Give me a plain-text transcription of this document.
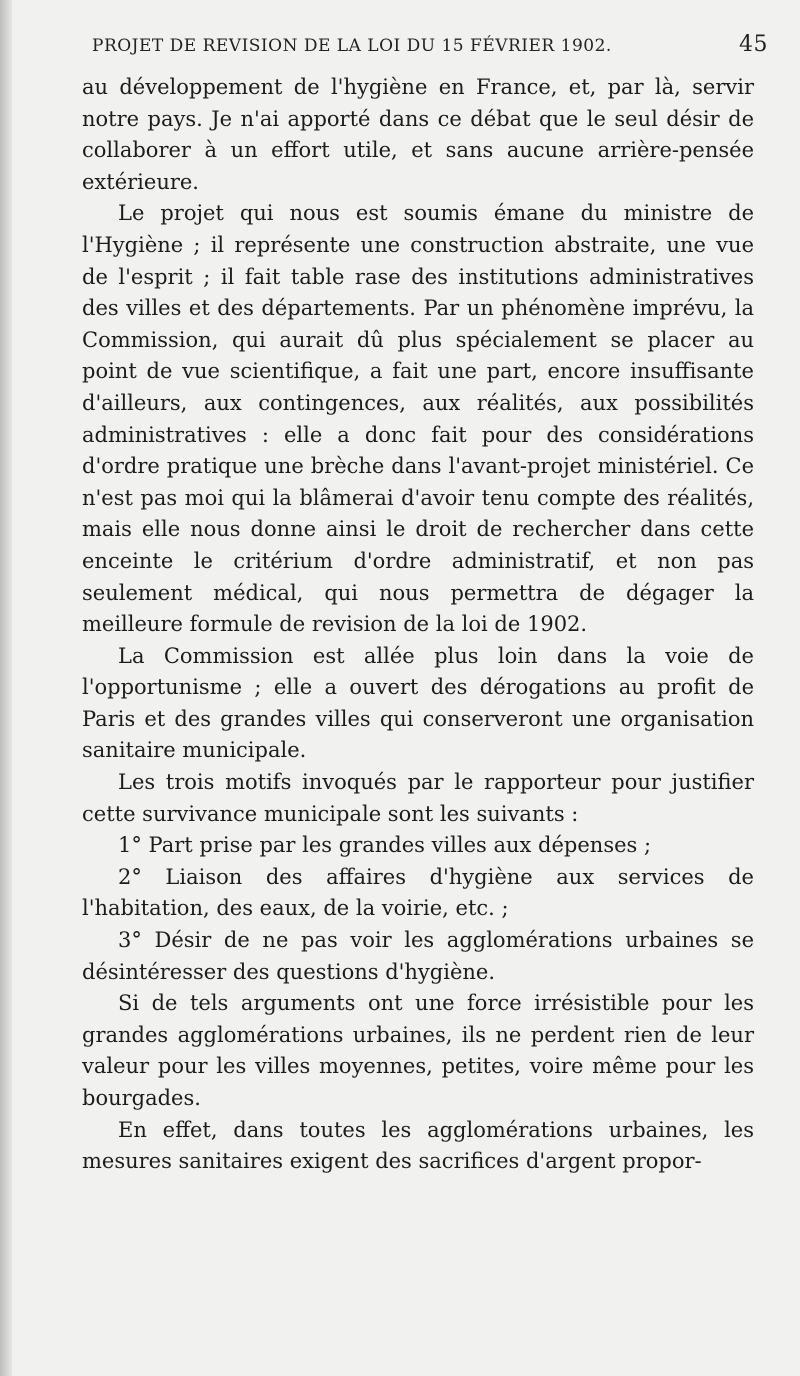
PROJET DE REVISION DE LA LOI DU 15 FÉVRIER 1902.	45

au développement de l'hygiène en France, et, par là, servir notre pays. Je n'ai apporté dans ce débat que le seul désir de collaborer à un effort utile, et sans aucune arrière-pensée extérieure.

Le projet qui nous est soumis émane du ministre de l'Hygiène ; il représente une construction abstraite, une vue de l'esprit ; il fait table rase des institutions administratives des villes et des départements. Par un phénomène imprévu, la Commission, qui aurait dû plus spécialement se placer au point de vue scientifique, a fait une part, encore insuffisante d'ailleurs, aux contingences, aux réalités, aux possibilités administratives : elle a donc fait pour des considérations d'ordre pratique une brèche dans l'avant-projet ministériel. Ce n'est pas moi qui la blâmerai d'avoir tenu compte des réalités, mais elle nous donne ainsi le droit de rechercher dans cette enceinte le critérium d'ordre administratif, et non pas seulement médical, qui nous permettra de dégager la meilleure formule de revision de la loi de 1902.

La Commission est allée plus loin dans la voie de l'opportunisme ; elle a ouvert des dérogations au profit de Paris et des grandes villes qui conserveront une organisation sanitaire municipale.

Les trois motifs invoqués par le rapporteur pour justifier cette survivance municipale sont les suivants :

1° Part prise par les grandes villes aux dépenses ;

2° Liaison des affaires d'hygiène aux services de l'habitation, des eaux, de la voirie, etc. ;

3° Désir de ne pas voir les agglomérations urbaines se désintéresser des questions d'hygiène.

Si de tels arguments ont une force irrésistible pour les grandes agglomérations urbaines, ils ne perdent rien de leur valeur pour les villes moyennes, petites, voire même pour les bourgades.

En effet, dans toutes les agglomérations urbaines, les mesures sanitaires exigent des sacrifices d'argent propor-
